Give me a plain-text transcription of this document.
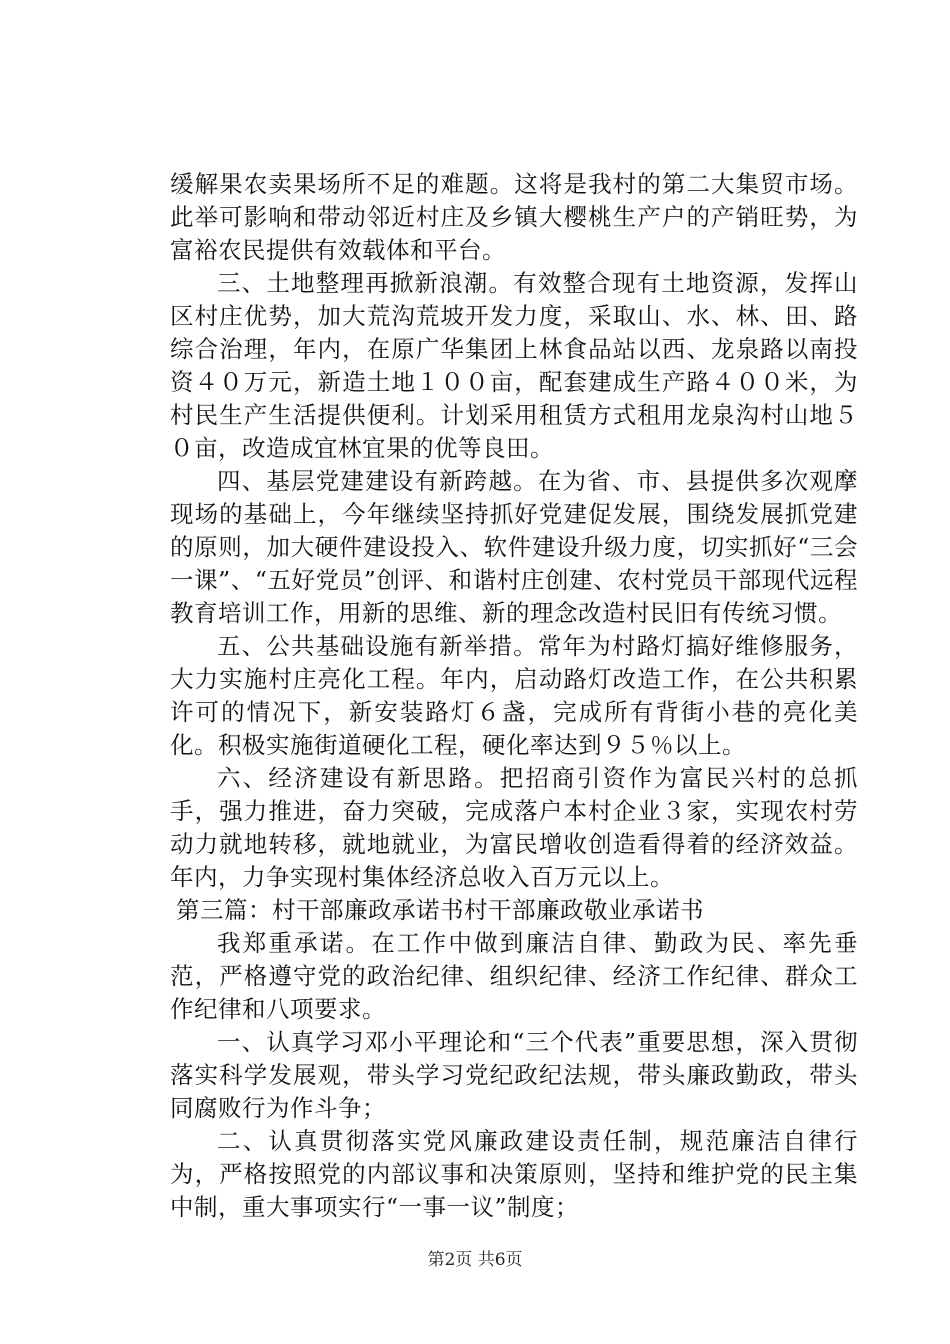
缓解果农卖果场所不足的难题。这将是我村的第二大集贸市场。此举可影响和带动邻近村庄及乡镇大樱桃生产户的产销旺势，为富裕农民提供有效载体和平台。

三、土地整理再掀新浪潮。有效整合现有土地资源，发挥山区村庄优势，加大荒沟荒坡开发力度，采取山、水、林、田、路综合治理，年内，在原广华集团上林食品站以西、龙泉路以南投资４０万元，新造土地１００亩，配套建成生产路４００米，为村民生产生活提供便利。计划采用租赁方式租用龙泉沟村山地５０亩，改造成宜林宜果的优等良田。

四、基层党建建设有新跨越。在为省、市、县提供多次观摩现场的基础上，今年继续坚持抓好党建促发展，围绕发展抓党建的原则，加大硬件建设投入、软件建设升级力度，切实抓好“三会一课”、“五好党员”创评、和谐村庄创建、农村党员干部现代远程教育培训工作，用新的思维、新的理念改造村民旧有传统习惯。

五、公共基础设施有新举措。常年为村路灯搞好维修服务，大力实施村庄亮化工程。年内，启动路灯改造工作，在公共积累许可的情况下，新安装路灯６盏，完成所有背街小巷的亮化美化。积极实施街道硬化工程，硬化率达到９５％以上。

六、经济建设有新思路。把招商引资作为富民兴村的总抓手，强力推进，奋力突破，完成落户本村企业３家，实现农村劳动力就地转移，就地就业，为富民增收创造看得着的经济效益。年内，力争实现村集体经济总收入百万元以上。

第三篇：村干部廉政承诺书村干部廉政敬业承诺书

我郑重承诺。在工作中做到廉洁自律、勤政为民、率先垂范，严格遵守党的政治纪律、组织纪律、经济工作纪律、群众工作纪律和八项要求。

一、认真学习邓小平理论和“三个代表”重要思想，深入贯彻落实科学发展观，带头学习党纪政纪法规，带头廉政勤政，带头同腐败行为作斗争；

二、认真贯彻落实党风廉政建设责任制，规范廉洁自律行为，严格按照党的内部议事和决策原则，坚持和维护党的民主集中制，重大事项实行“一事一议”制度；

第2页 共6页
